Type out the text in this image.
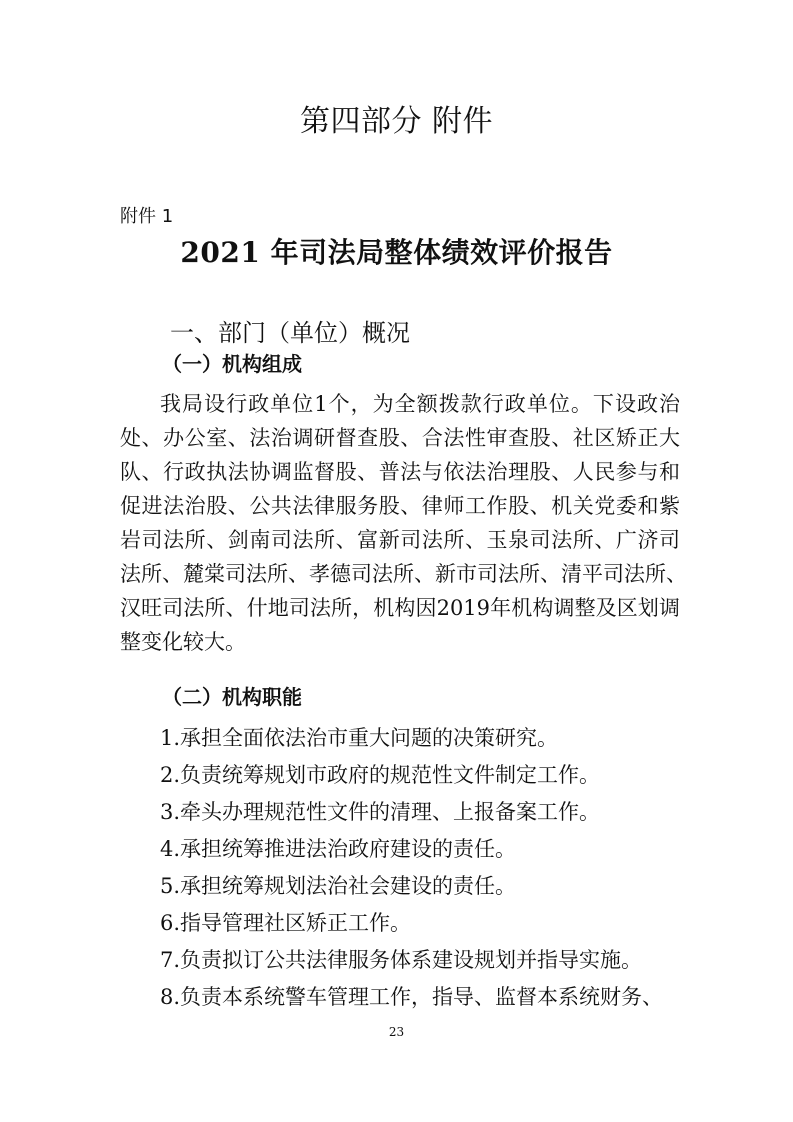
第四部分 附件
附件 1
2021 年司法局整体绩效评价报告
一、部门（单位）概况
（一）机构组成
我局设行政单位1个，为全额拨款行政单位。下设政治
处、办公室、法治调研督查股、合法性审查股、社区矫正大
队、行政执法协调监督股、普法与依法治理股、人民参与和
促进法治股、公共法律服务股、律师工作股、机关党委和紫
岩司法所、剑南司法所、富新司法所、玉泉司法所、广济司
法所、麓棠司法所、孝德司法所、新市司法所、清平司法所、
汉旺司法所、什地司法所，机构因2019年机构调整及区划调
整变化较大。
（二）机构职能
1.承担全面依法治市重大问题的决策研究。
2.负责统筹规划市政府的规范性文件制定工作。
3.牵头办理规范性文件的清理、上报备案工作。
4.承担统筹推进法治政府建设的责任。
5.承担统筹规划法治社会建设的责任。
6.指导管理社区矫正工作。
7.负责拟订公共法律服务体系建设规划并指导实施。
8.负责本系统警车管理工作，指导、监督本系统财务、
23
